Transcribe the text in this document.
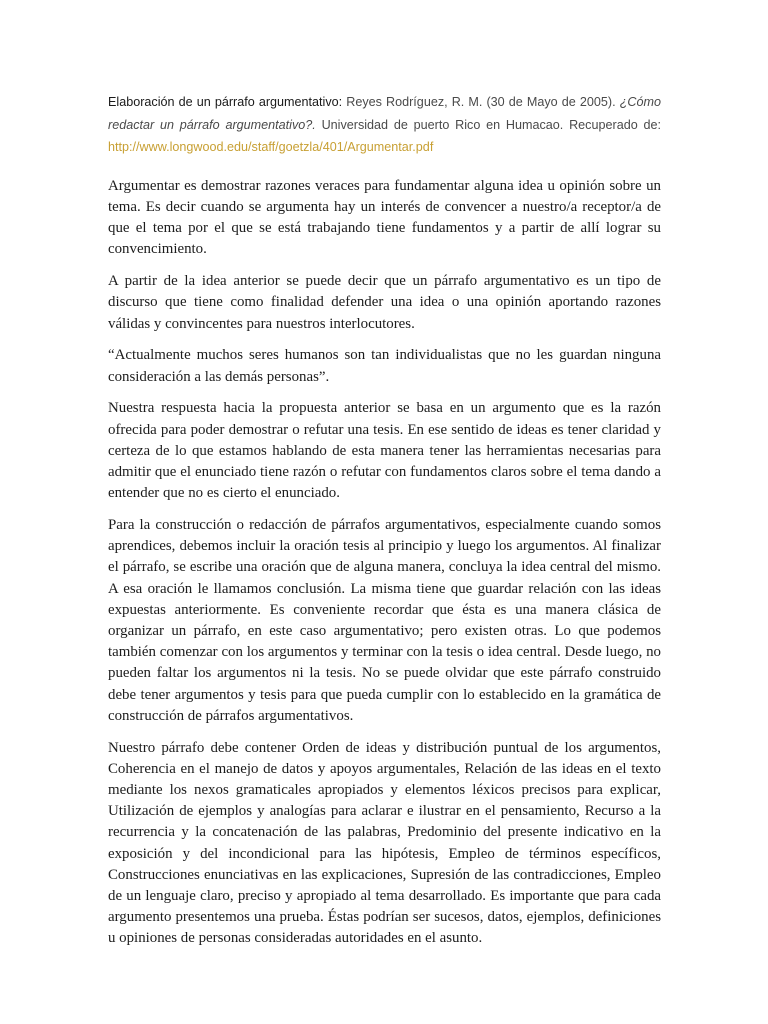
Elaboración de un párrafo argumentativo: Reyes Rodríguez, R. M. (30 de Mayo de 2005). ¿Cómo redactar un párrafo argumentativo?. Universidad de puerto Rico en Humacao. Recuperado de: http://www.longwood.edu/staff/goetzla/401/Argumentar.pdf

Argumentar es demostrar razones veraces para fundamentar alguna idea u opinión sobre un tema. Es decir cuando se argumenta hay un interés de convencer a nuestro/a receptor/a de que el tema por el que se está trabajando tiene fundamentos y a partir de allí lograr su convencimiento.

A partir de la idea anterior se puede decir que un párrafo argumentativo es un tipo de discurso que tiene como finalidad defender una idea o una opinión aportando razones válidas y convincentes para nuestros interlocutores.

“Actualmente muchos seres humanos son tan individualistas que no les guardan ninguna consideración a las demás personas”.

Nuestra respuesta hacia la propuesta anterior se basa en un argumento que es la razón ofrecida para poder demostrar o refutar una tesis. En ese sentido de ideas es tener claridad y certeza de lo que estamos hablando de esta manera tener las herramientas necesarias para admitir que el enunciado tiene razón o refutar con fundamentos claros sobre el tema dando a entender que no es cierto el enunciado.

Para la construcción o redacción de párrafos argumentativos, especialmente cuando somos aprendices, debemos incluir la oración tesis al principio y luego los argumentos. Al finalizar el párrafo, se escribe una oración que de alguna manera, concluya la idea central del mismo. A esa oración le llamamos conclusión. La misma tiene que guardar relación con las ideas expuestas anteriormente. Es conveniente recordar que ésta es una manera clásica de organizar un párrafo, en este caso argumentativo; pero existen otras. Lo que podemos también comenzar con los argumentos y terminar con la tesis o idea central. Desde luego, no pueden faltar los argumentos ni la tesis. No se puede olvidar que este párrafo construido debe tener argumentos y tesis para que pueda cumplir con lo establecido en la gramática de construcción de párrafos argumentativos.

Nuestro párrafo debe contener Orden de ideas y distribución puntual de los argumentos, Coherencia en el manejo de datos y apoyos argumentales, Relación de las ideas en el texto mediante los nexos gramaticales apropiados y elementos léxicos precisos para explicar, Utilización de ejemplos y analogías para aclarar e ilustrar en el pensamiento, Recurso a la recurrencia y la concatenación de las palabras, Predominio del presente indicativo en la exposición y del incondicional para las hipótesis, Empleo de términos específicos, Construcciones enunciativas en las explicaciones, Supresión de las contradicciones, Empleo de un lenguaje claro, preciso y apropiado al tema desarrollado. Es importante que para cada argumento presentemos una prueba. Éstas podrían ser sucesos, datos, ejemplos, definiciones u opiniones de personas consideradas autoridades en el asunto.
